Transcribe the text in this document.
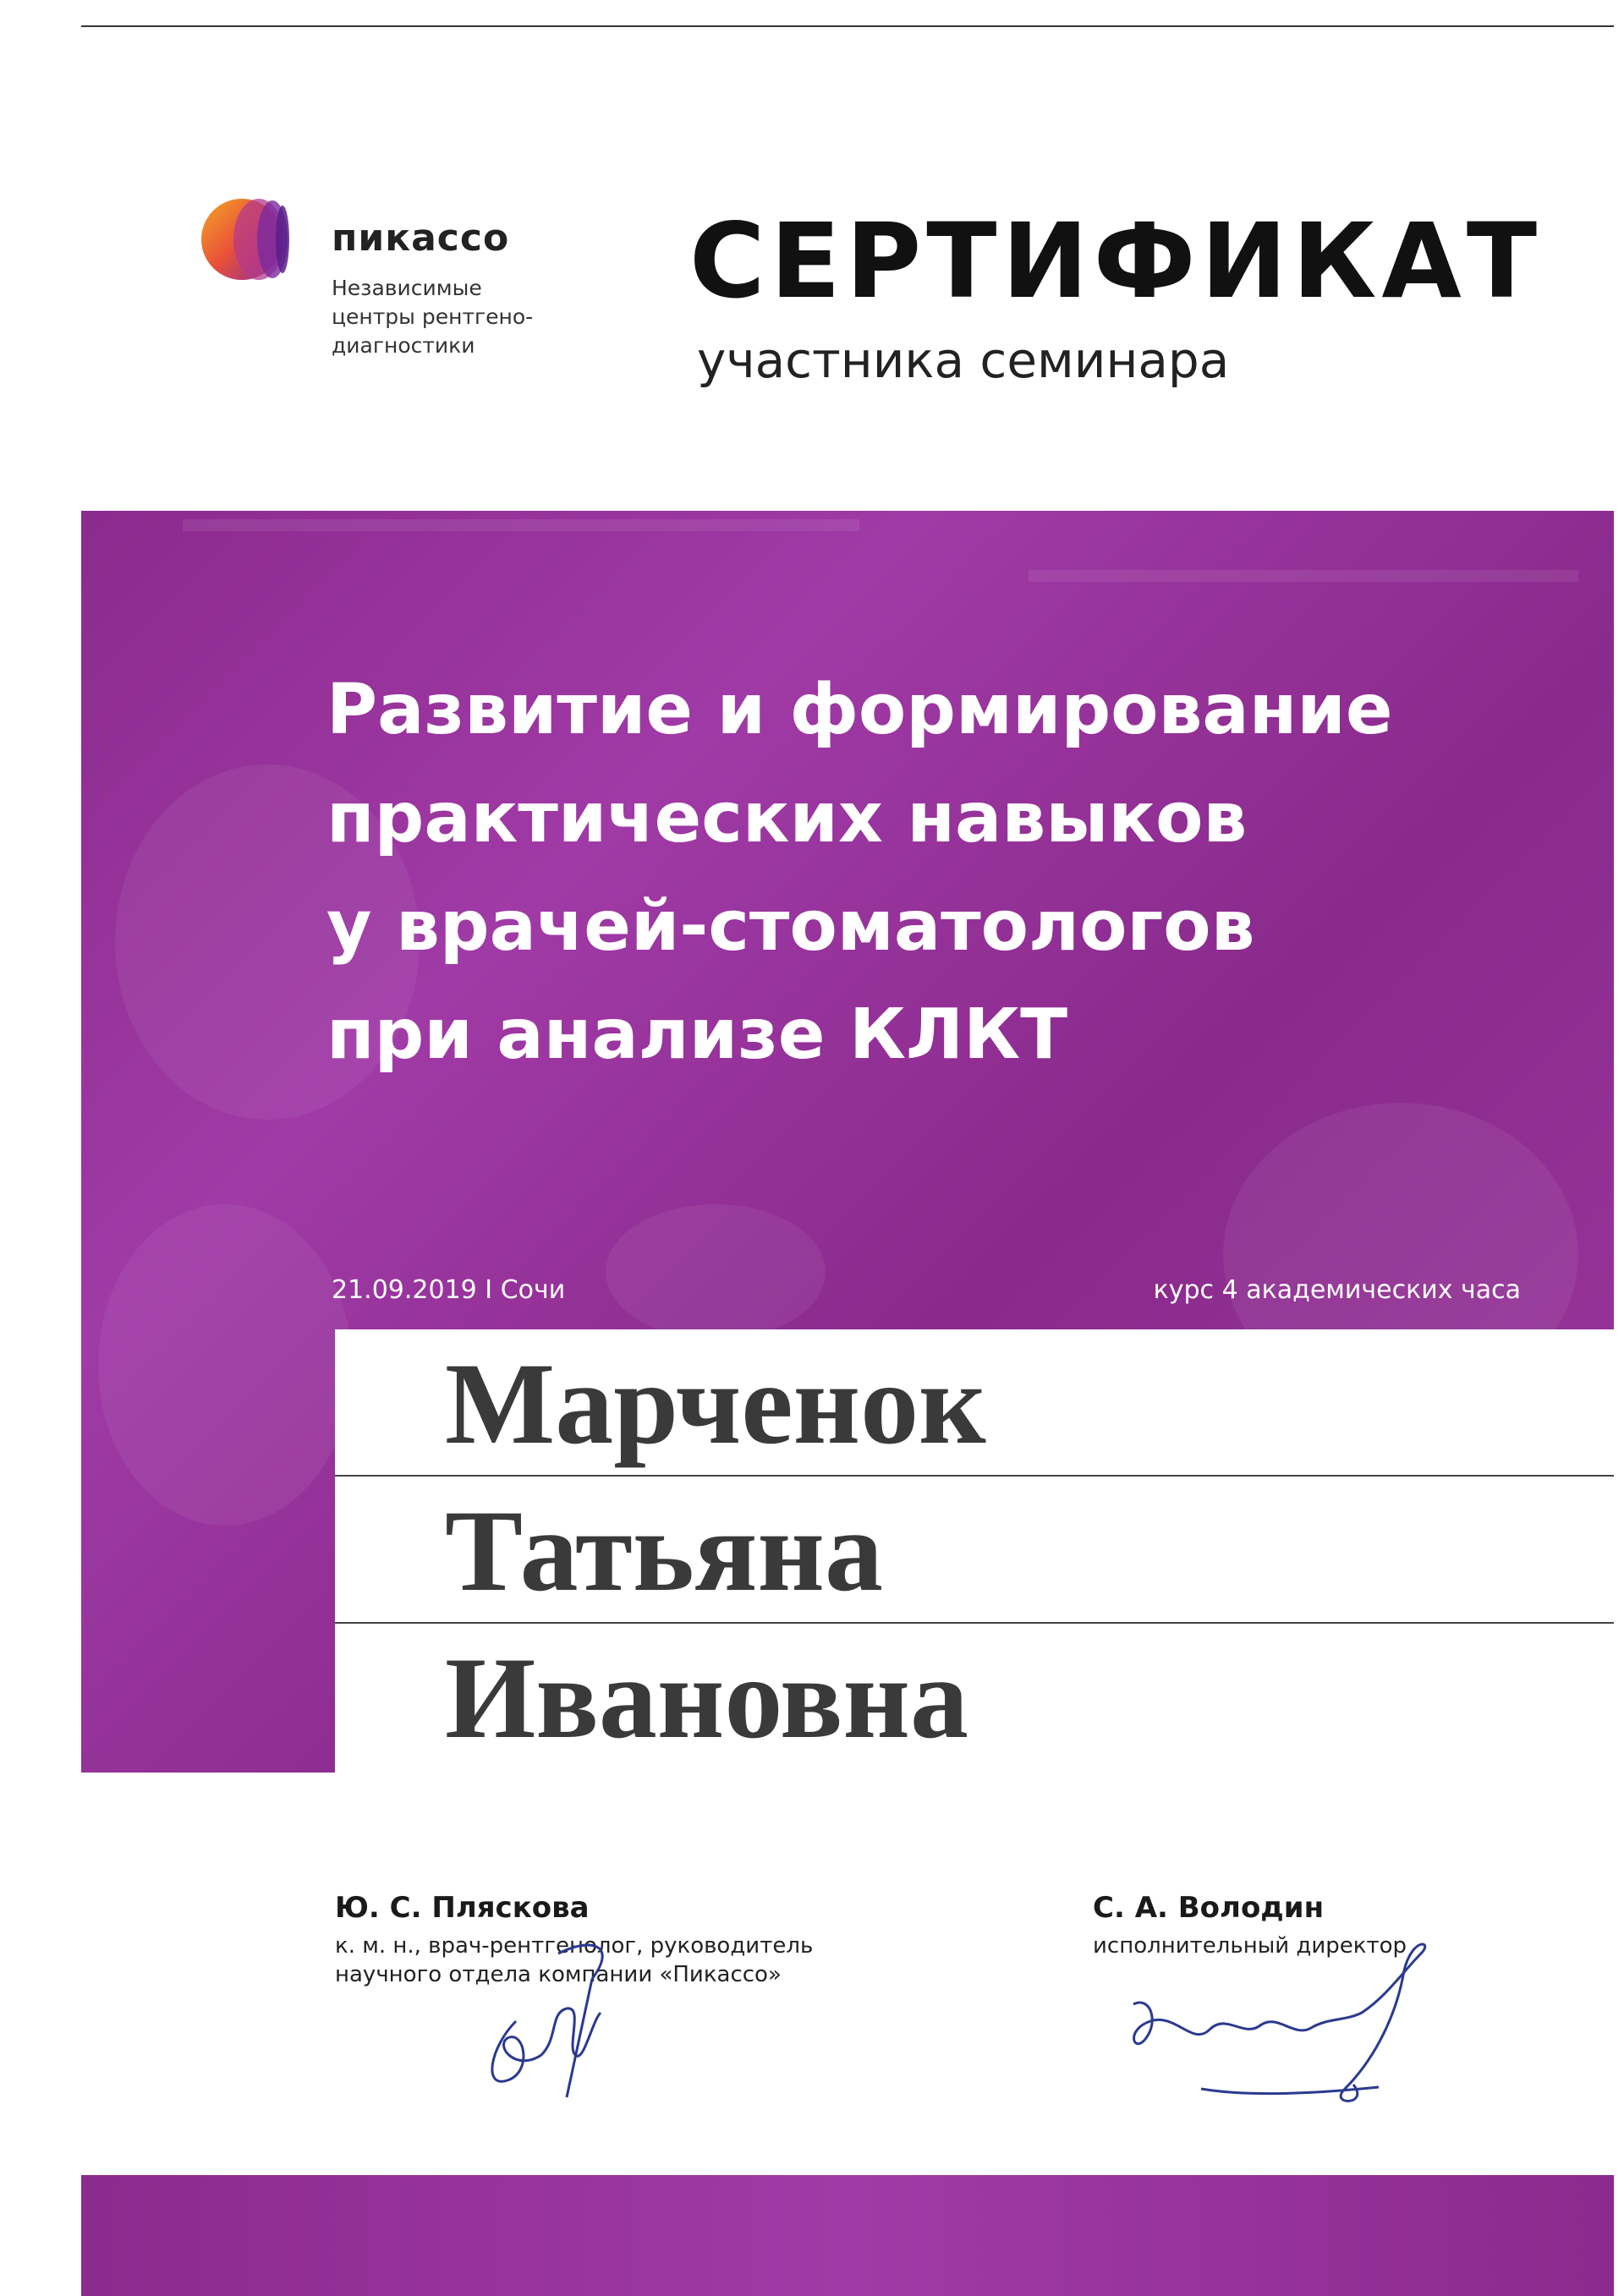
пикассо
Независимые
центры рентгено-
диагностики
СЕРТИФИКАТ
участника семинара
Развитие и формирование
практических навыков
у врачей-стоматологов
при анализе КЛКТ
21.09.2019 I Сочи	курс 4 академических часа
Марченок
Татьяна
Ивановна
Ю. С. Пляскова
к. м. н., врач-рентгенолог, руководитель
научного отдела компании «Пикассо»
С. А. Володин
исполнительный директор
